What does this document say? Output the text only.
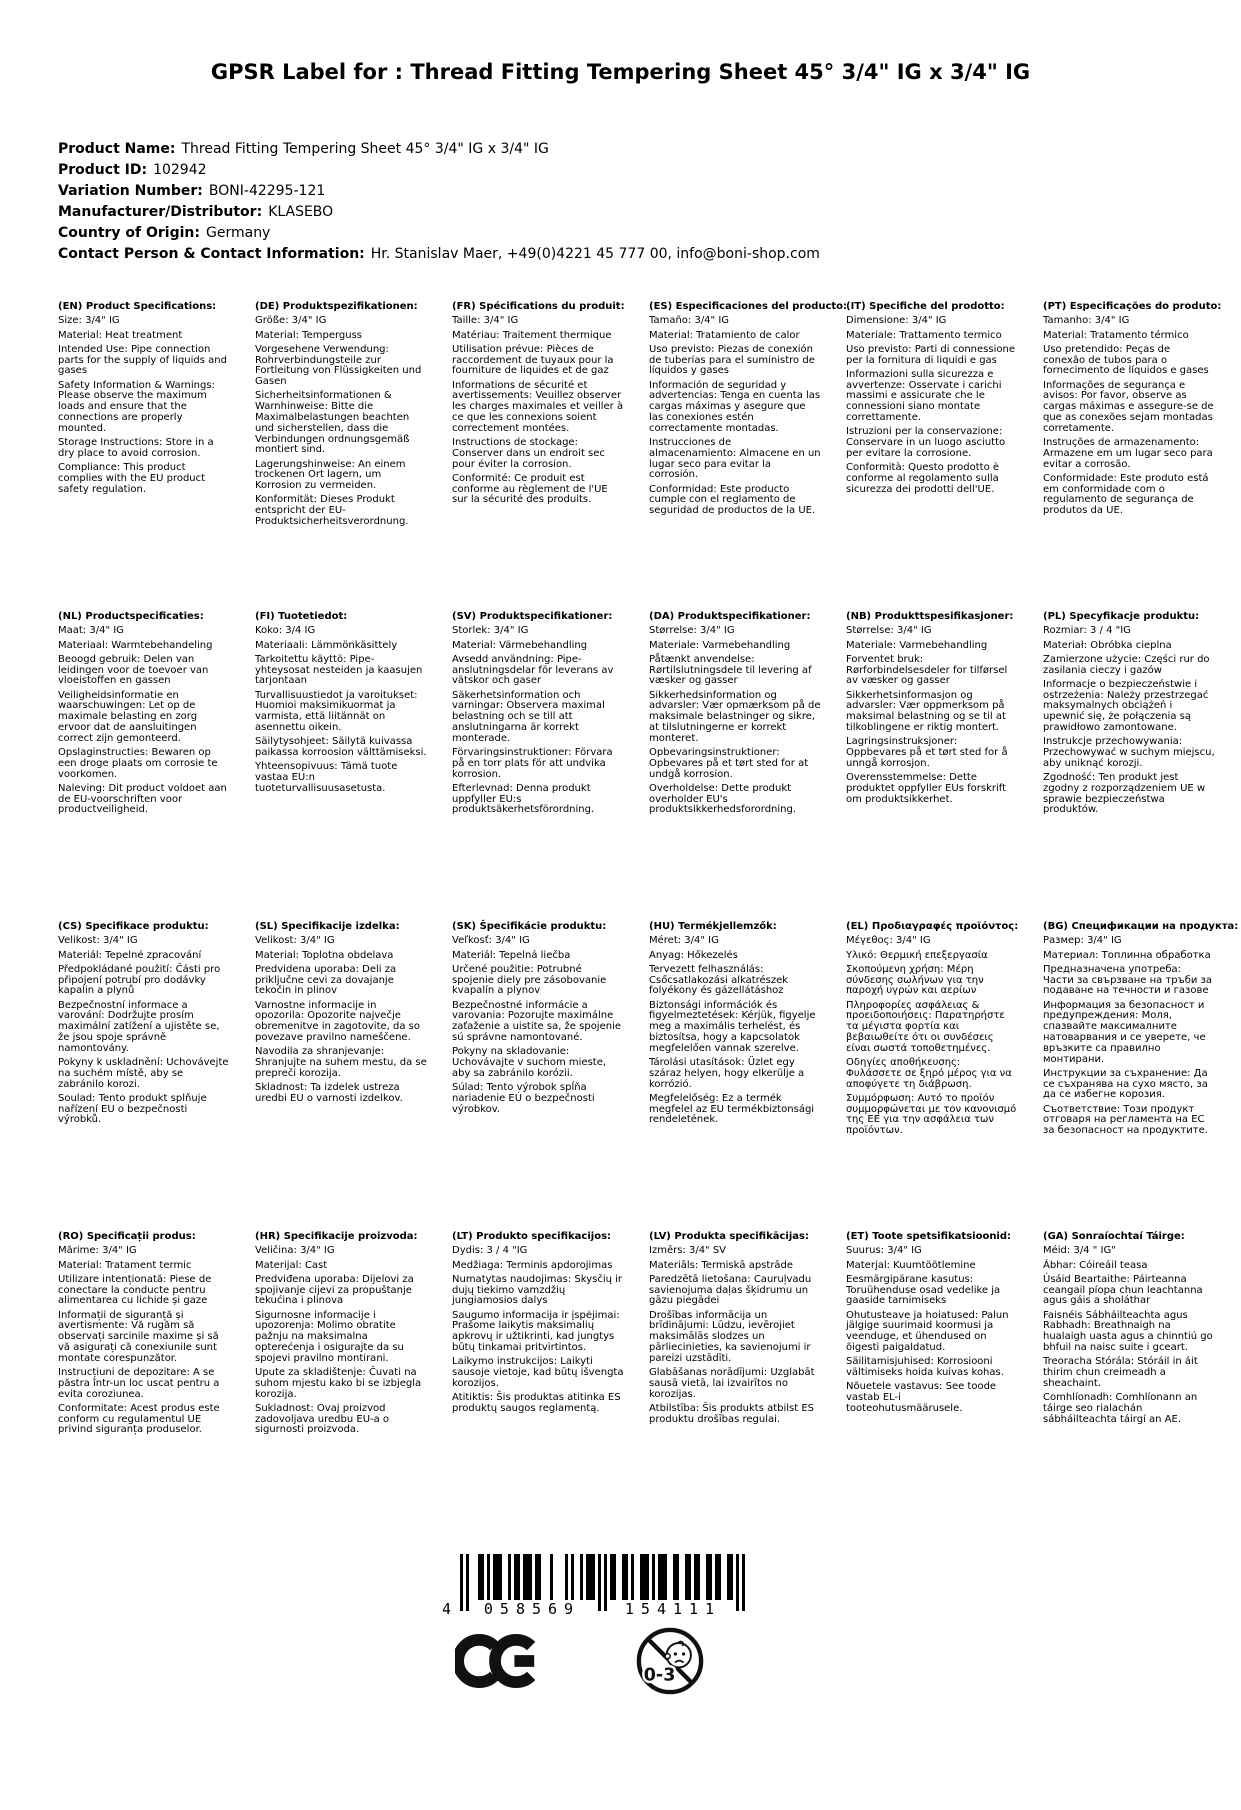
GPSR Label for : Thread Fitting Tempering Sheet 45° 3/4" IG x 3/4" IG
Product Name: Thread Fitting Tempering Sheet 45° 3/4" IG x 3/4" IG
Product ID: 102942
Variation Number: BONI-42295-121
Manufacturer/Distributor: KLASEBO
Country of Origin: Germany
Contact Person & Contact Information: Hr. Stanislav Maer, +49(0)4221 45 777 00, info@boni-shop.com
(EN) Product Specifications:

Size: 3/4" IG

Material: Heat treatment

Intended Use: Pipe connection parts for the supply of liquids and gases

Safety Information & Warnings: Please observe the maximum loads and ensure that the connections are properly mounted.

Storage Instructions: Store in a dry place to avoid corrosion.

Compliance: This product complies with the EU product safety regulation.

(DE) Produktspezifikationen:

Größe: 3/4" IG

Material: Temperguss

Vorgesehene Verwendung: Rohrverbindungsteile zur Fortleitung von Flüssigkeiten und Gasen

Sicherheitsinformationen & Warnhinweise: Bitte die Maximalbelastungen beachten und sicherstellen, dass die Verbindungen ordnungsgemäß montiert sind.

Lagerungshinweise: An einem trockenen Ort lagern, um Korrosion zu vermeiden.

Konformität: Dieses Produkt entspricht der EU-Produktsicherheitsverordnung.

(FR) Spécifications du produit:

Taille: 3/4" IG

Matériau: Traitement thermique

Utilisation prévue: Pièces de raccordement de tuyaux pour la fourniture de liquides et de gaz

Informations de sécurité et avertissements: Veuillez observer les charges maximales et veiller à ce que les connexions soient correctement montées.

Instructions de stockage: Conserver dans un endroit sec pour éviter la corrosion.

Conformité: Ce produit est conforme au règlement de l'UE sur la sécurité des produits.

(ES) Especificaciones del producto:

Tamaño: 3/4" IG

Material: Tratamiento de calor

Uso previsto: Piezas de conexión de tuberías para el suministro de líquidos y gases

Información de seguridad y advertencias: Tenga en cuenta las cargas máximas y asegure que las conexiones estén correctamente montadas.

Instrucciones de almacenamiento: Almacene en un lugar seco para evitar la corrosión.

Conformidad: Este producto cumple con el reglamento de seguridad de productos de la UE.

(IT) Specifiche del prodotto:

Dimensione: 3/4" IG

Materiale: Trattamento termico

Uso previsto: Parti di connessione per la fornitura di liquidi e gas

Informazioni sulla sicurezza e avvertenze: Osservate i carichi massimi e assicurate che le connessioni siano montate correttamente.

Istruzioni per la conservazione: Conservare in un luogo asciutto per evitare la corrosione.

Conformità: Questo prodotto è conforme al regolamento sulla sicurezza dei prodotti dell'UE.

(PT) Especificações do produto:

Tamanho: 3/4" IG

Material: Tratamento térmico

Uso pretendido: Peças de conexão de tubos para o fornecimento de líquidos e gases

Informações de segurança e avisos: Por favor, observe as cargas máximas e assegure-se de que as conexões sejam montadas corretamente.

Instruções de armazenamento: Armazene em um lugar seco para evitar a corrosão.

Conformidade: Este produto está em conformidade com o regulamento de segurança de produtos da UE.

(NL) Productspecificaties:

Maat: 3/4" IG

Materiaal: Warmtebehandeling

Beoogd gebruik: Delen van leidingen voor de toevoer van vloeistoffen en gassen

Veiligheidsinformatie en waarschuwingen: Let op de maximale belasting en zorg ervoor dat de aansluitingen correct zijn gemonteerd.

Opslaginstructies: Bewaren op een droge plaats om corrosie te voorkomen.

Naleving: Dit product voldoet aan de EU-voorschriften voor productveiligheid.

(FI) Tuotetiedot:

Koko: 3/4 IG

Materiaali: Lämmönkäsittely

Tarkoitettu käyttö: Pipe-yhteysosat nesteiden ja kaasujen tarjontaan

Turvallisuustiedot ja varoitukset: Huomioi maksimikuormat ja varmista, että liitännät on asennettu oikein.

Säilytysohjeet: Säilytä kuivassa paikassa korroosion välttämiseksi.

Yhteensopivuus: Tämä tuote vastaa EU:n tuoteturvallisuusasetusta.

(SV) Produktspecifikationer:

Storlek: 3/4" IG

Material: Värmebehandling

Avsedd användning: Pipe-anslutningsdelar för leverans av vätskor och gaser

Säkerhetsinformation och varningar: Observera maximal belastning och se till att anslutningarna är korrekt monterade.

Förvaringsinstruktioner: Förvara på en torr plats för att undvika korrosion.

Efterlevnad: Denna produkt uppfyller EU:s produktsäkerhetsförordning.

(DA) Produktspecifikationer:

Størrelse: 3/4" IG

Materiale: Varmebehandling

Påtænkt anvendelse: Rørtilslutningsdele til levering af væsker og gasser

Sikkerhedsinformation og advarsler: Vær opmærksom på de maksimale belastninger og sikre, at tilslutningerne er korrekt monteret.

Opbevaringsinstruktioner: Opbevares på et tørt sted for at undgå korrosion.

Overholdelse: Dette produkt overholder EU's produktsikkerhedsforordning.

(NB) Produkttspesifikasjoner:

Størrelse: 3/4" IG

Materiale: Varmebehandling

Forventet bruk: Rørforbindelsesdeler for tilførsel av væsker og gasser

Sikkerhetsinformasjon og advarsler: Vær oppmerksom på maksimal belastning og se til at tilkoblingene er riktig montert.

Lagringsinstruksjoner: Oppbevares på et tørt sted for å unngå korrosjon.

Overensstemmelse: Dette produktet oppfyller EUs forskrift om produktsikkerhet.

(PL) Specyfikacje produktu:

Rozmiar: 3 / 4 "IG

Materiał: Obróbka cieplna

Zamierzone użycie: Części rur do zasilania cieczy i gazów

Informacje o bezpieczeństwie i ostrzeżenia: Należy przestrzegać maksymalnych obciążeń i upewnić się, że połączenia są prawidłowo zamontowane.

Instrukcje przechowywania: Przechowywać w suchym miejscu, aby uniknąć korozji.

Zgodność: Ten produkt jest zgodny z rozporządzeniem UE w sprawie bezpieczeństwa produktów.

(CS) Specifikace produktu:

Velikost: 3/4" IG

Materiál: Tepelné zpracování

Předpokládané použití: Části pro připojení potrubí pro dodávky kapalin a plynů

Bezpečnostní informace a varování: Dodržujte prosím maximální zatížení a ujistěte se, že jsou spoje správně namontovány.

Pokyny k uskladnění: Uchovávejte na suchém místě, aby se zabránilo korozi.

Soulad: Tento produkt splňuje nařízení EU o bezpečnosti výrobků.

(SL) Specifikacije izdelka:

Velikost: 3/4" IG

Material: Toplotna obdelava

Predvidena uporaba: Deli za priključne cevi za dovajanje tekočin in plinov

Varnostne informacije in opozorila: Opozorite največje obremenitve in zagotovite, da so povezave pravilno nameščene.

Navodila za shranjevanje: Shranjujte na suhem mestu, da se prepreči korozija.

Skladnost: Ta izdelek ustreza uredbi EU o varnosti izdelkov.

(SK) Špecifikácie produktu:

Veľkosť: 3/4" IG

Materiál: Tepelná liečba

Určené použitie: Potrubné spojenie diely pre zásobovanie kvapalín a plynov

Bezpečnostné informácie a varovania: Pozorujte maximálne zaťaženie a uistite sa, že spojenie sú správne namontované.

Pokyny na skladovanie: Uchovávajte v suchom mieste, aby sa zabránilo korózii.

Súlad: Tento výrobok spĺňa nariadenie EÚ o bezpečnosti výrobkov.

(HU) Termékjellemzők:

Méret: 3/4" IG

Anyag: Hőkezelés

Tervezett felhasználás: Csőcsatlakozási alkatrészek folyékony és gázellátáshoz

Biztonsági információk és figyelmeztetések: Kérjük, figyelje meg a maximális terhelést, és biztosítsa, hogy a kapcsolatok megfelelően vannak szerelve.

Tárolási utasítások: Üzlet egy száraz helyen, hogy elkerülje a korrózió.

Megfelelőség: Ez a termék megfelel az EU termékbiztonsági rendeletének.

(EL) Προδιαγραφές προϊόντος:

Μέγεθος: 3/4" IG

Υλικό: Θερμική επεξεργασία

Σκοπούμενη χρήση: Μέρη σύνδεσης σωλήνων για την παροχή υγρών και αερίων

Πληροφορίες ασφάλειας & προειδοποιήσεις: Παρατηρήστε τα μέγιστα φορτία και βεβαιωθείτε ότι οι συνδέσεις είναι σωστά τοποθετημένες.

Οδηγίες αποθήκευσης: Φυλάσσετε σε ξηρό μέρος για να αποφύγετε τη διάβρωση.

Συμμόρφωση: Αυτό το προϊόν συμμορφώνεται με τον κανονισμό της ΕΕ για την ασφάλεια των προϊόντων.

(BG) Спецификации на продукта:

Размер: 3/4" IG

Материал: Топлинна обработка

Предназначена употреба: Части за свързване на тръби за подаване на течности и газове

Информация за безопасност и предупреждения: Моля, спазвайте максималните натоварвания и се уверете, че връзките са правилно монтирани.

Инструкции за съхранение: Да се съхранява на сухо място, за да се избегне корозия.

Съответствие: Този продукт отговаря на регламента на ЕС за безопасност на продуктите.

(RO) Specificații produs:

Mărime: 3/4" IG

Material: Tratament termic

Utilizare intenționată: Piese de conectare la conducte pentru alimentarea cu lichide și gaze

Informații de siguranță și avertismente: Vă rugăm să observați sarcinile maxime și să vă asigurați că conexiunile sunt montate corespunzător.

Instrucțiuni de depozitare: A se păstra într-un loc uscat pentru a evita coroziunea.

Conformitate: Acest produs este conform cu regulamentul UE privind siguranța produselor.

(HR) Specifikacije proizvoda:

Veličina: 3/4" IG

Materijal: Cast

Predviđena uporaba: Dijelovi za spojivanje cijevi za propuštanje tekućina i plinova

Sigurnosne informacije i upozorenja: Molimo obratite pažnju na maksimalna opterećenja i osigurajte da su spojevi pravilno montirani.

Upute za skladištenje: Čuvati na suhom mjestu kako bi se izbjegla korozija.

Sukladnost: Ovaj proizvod zadovoljava uredbu EU-a o sigurnosti proizvoda.

(LT) Produkto specifikacijos:

Dydis: 3 / 4 "IG

Medžiaga: Terminis apdorojimas

Numatytas naudojimas: Skysčių ir dujų tiekimo vamzdžių jungiamosios dalys

Saugumo informacija ir įspėjimai: Prašome laikytis maksimalių apkrovų ir užtikrinti, kad jungtys būtų tinkamai pritvirtintos.

Laikymo instrukcijos: Laikyti sausoje vietoje, kad būtų išvengta korozijos.

Atitiktis: Šis produktas atitinka ES produktų saugos reglamentą.

(LV) Produkta specifikācijas:

Izmērs: 3/4" SV

Materiāls: Termiskā apstrāde

Paredzētā lietošana: Cauruļvadu savienojuma daļas šķidrumu un gāzu piegādei

Drošības informācija un brīdinājumi: Lūdzu, ievērojiet maksimālās slodzes un pārliecinieties, ka savienojumi ir pareizi uzstādīti.

Glabāšanas norādījumi: Uzglabāt sausā vietā, lai izvairītos no korozijas.

Atbilstība: Šis produkts atbilst ES produktu drošības regulai.

(ET) Toote spetsifikatsioonid:

Suurus: 3/4" IG

Materjal: Kuumtöötlemine

Eesmärgipärane kasutus: Toruühenduse osad vedelike ja gaaside tarnimiseks

Ohutusteave ja hoiatused: Palun jälgige suurimaid koormusi ja veenduge, et ühendused on õigesti paigaldatud.

Säilitamisjuhised: Korrosiooni vältimiseks hoida kuivas kohas.

Nõuetele vastavus: See toode vastab EL-i tooteohutusmäärusele.

(GA) Sonraíochtaí Táirge:

Méid: 3/4 " IG"

Ábhar: Cóireáil teasa

Úsáid Beartaithe: Páirteanna ceangail píopa chun leachtanna agus gáis a sholáthar

Faisnéis Sábháilteachta agus Rabhadh: Breathnaigh na hualaigh uasta agus a chinntiú go bhfuil na naisc suite i gceart.

Treoracha Stórála: Stóráil in áit thirim chun creimeadh a sheachaint.

Comhlíonadh: Comhlíonann an táirge seo rialachán sábháilteachta táirgí an AE.

4	058569	154111
0-3
